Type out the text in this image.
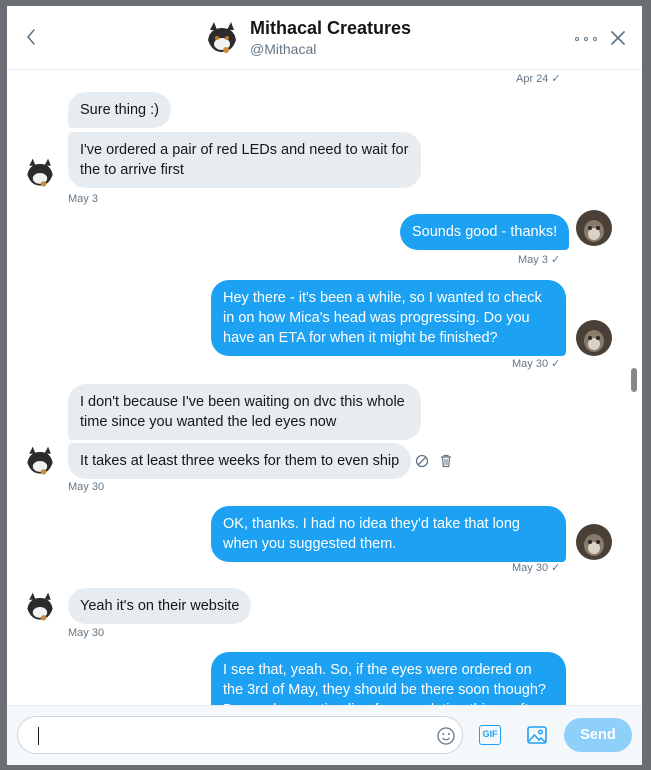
Mithacal Creatures
@Mithacal
Apr 24 ✓
Sure thing :)
I've ordered a pair of red LEDs and need to wait for the to arrive first
May 3
Sounds good - thanks!
May 3 ✓
Hey there - it's been a while, so I wanted to check in on how Mica's head was progressing. Do you have an ETA for when it might be finished?
May 30 ✓
I don't because I've been waiting on dvc this whole time since you wanted the led eyes now
It takes at least three weeks for them to even ship
May 30
OK, thanks. I had no idea they'd take that long when you suggested them.
May 30 ✓
Yeah it's on their website
May 30
I see that, yeah. So, if the eyes were ordered on the 3rd of May, they should be there soon though?
GIF	Send
